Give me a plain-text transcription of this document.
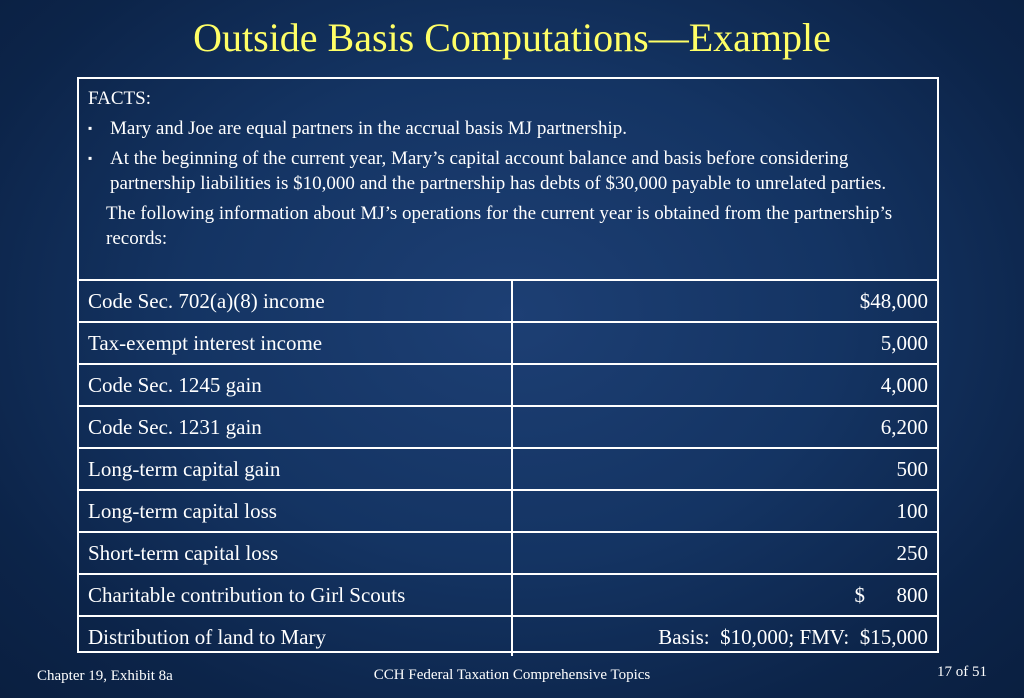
Outside Basis Computations—Example
FACTS:
▪ Mary and Joe are equal partners in the accrual basis MJ partnership.
▪ At the beginning of the current year, Mary’s capital account balance and basis before considering partnership liabilities is $10,000 and the partnership has debts of $30,000 payable to unrelated parties.
The following information about MJ’s operations for the current year is obtained from the partnership’s records:
Code Sec. 702(a)(8) income	$48,000
Tax-exempt interest income	5,000
Code Sec. 1245 gain	4,000
Code Sec. 1231 gain	6,200
Long-term capital gain	500
Long-term capital loss	100
Short-term capital loss	250
Charitable contribution to Girl Scouts	$      800
Distribution of land to Mary	Basis:  $10,000; FMV:  $15,000
Chapter 19, Exhibit 8a	CCH Federal Taxation Comprehensive Topics	17 of 51
